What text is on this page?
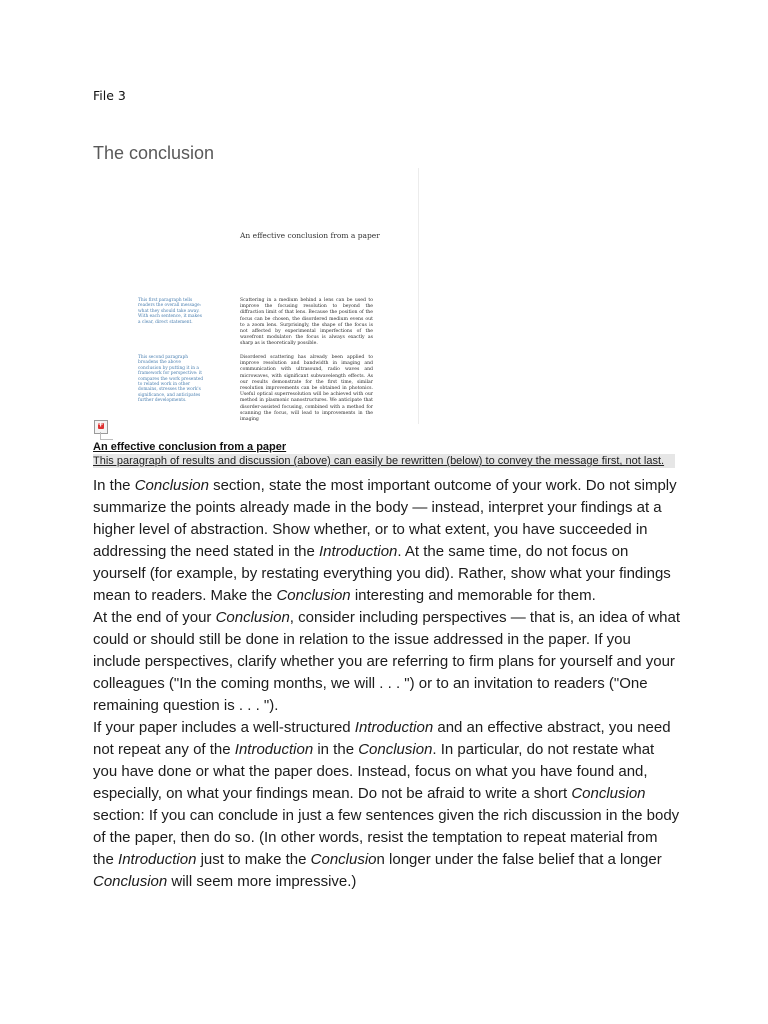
File 3
The conclusion
An effective conclusion from a paper
This first paragraph tells readers the overall message: what they should take away. With each sentence, it makes a clear, direct statement.
This second paragraph broadens the above conclusion by putting it in a framework for perspective: it compares the work presented to related work in other domains, stresses the work's significance, and anticipates further developments.
Scattering in a medium behind a lens can be used to improve the focusing resolution to beyond the diffraction limit of that lens. Because the position of the focus can be chosen, the disordered medium evens out to a zoom lens. Surprisingly, the shape of the focus is not affected by experimental imperfections of the wavefront modulator: the focus is always exactly as sharp as is theoretically possible.
Disordered scattering has already been applied to improve resolution and bandwidth in imaging and communication with ultrasound, radio waves and microwaves, with significant subwavelength effects. As our results demonstrate for the first time, similar resolution improvements can be obtained in photonics. Useful optical superresolution will be achieved with our method in plasmonic nanostructures. We anticipate that disorder-assisted focusing, combined with a method for scanning the focus, will lead to improvements in the imaging
+
An effective conclusion from a paper
This paragraph of results and discussion (above) can easily be rewritten (below) to convey the message first, not last.

In the Conclusion section, state the most important outcome of your work. Do not simply summarize the points already made in the body — instead, interpret your findings at a higher level of abstraction. Show whether, or to what extent, you have succeeded in addressing the need stated in the Introduction. At the same time, do not focus on yourself (for example, by restating everything you did). Rather, show what your findings mean to readers. Make the Conclusion interesting and memorable for them.

At the end of your Conclusion, consider including perspectives — that is, an idea of what could or should still be done in relation to the issue addressed in the paper. If you include perspectives, clarify whether you are referring to firm plans for yourself and your colleagues ("In the coming months, we will . . . ") or to an invitation to readers ("One remaining question is . . . ").

If your paper includes a well-structured Introduction and an effective abstract, you need not repeat any of the Introduction in the Conclusion. In particular, do not restate what you have done or what the paper does. Instead, focus on what you have found and, especially, on what your findings mean. Do not be afraid to write a short Conclusion section: If you can conclude in just a few sentences given the rich discussion in the body of the paper, then do so. (In other words, resist the temptation to repeat material from the Introduction just to make the Conclusion longer under the false belief that a longer Conclusion will seem more impressive.)
